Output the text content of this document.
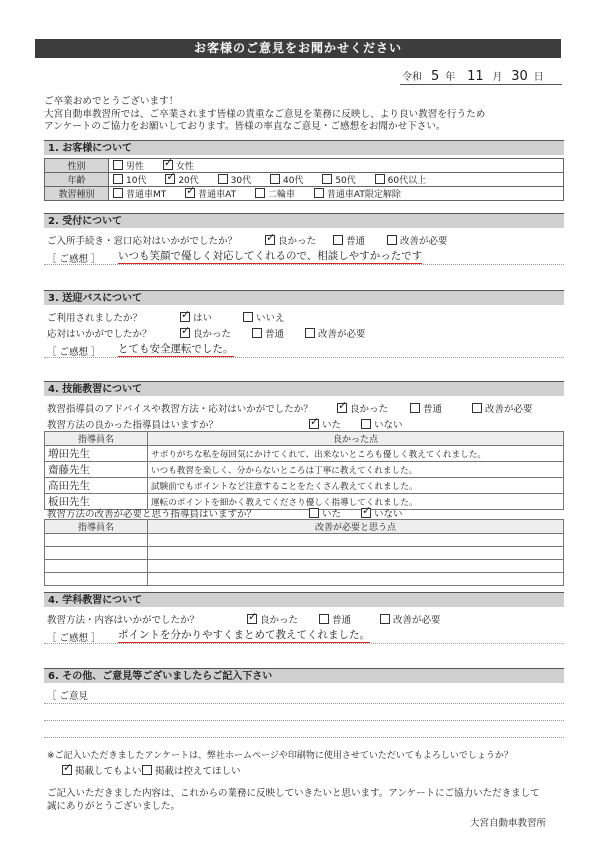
お客様のご意見をお聞かせください
令和 5 年 11 月 30 日
ご卒業おめでとうございます！
大宮自動車教習所では、ご卒業されます皆様の貴重なご意見を業務に反映し、より良い教習を行うため
アンケートのご協力をお願いしております。皆様の率直なご意見・ご感想をお聞かせ下さい。
1. お客様について
性別	男性 ✓ 女性
年齢	10代 ✓ 20代 30代 40代 50代 60代以上
教習種別	普通車MT ✓ 普通車AT 二輪車 普通車AT限定解除
2. 受付について
ご入所手続き・窓口応対はいかがでしたか？ ✓	良かった	普通	改善が必要
［ ご感想 ］ いつも笑顔で優しく対応してくれるので、相談しやすかったです
3. 送迎バスについて
ご利用されましたか？ ✓	はい	いいえ
応対はいかがでしたか？ ✓	良かった	普通	改善が必要
［ ご感想 ］ とても安全運転でした。
4. 技能教習について
教習指導員のアドバイスや教習方法・応対はいかがでしたか？ ✓	良かった	普通	改善が必要
教習方法の良かった指導員はいますか？ ✓	いた	いない
指導員名	良かった点
増田先生	サボりがちな私を毎回気にかけてくれて、出来ないところも優しく教えてくれました。
齋藤先生	いつも教習を楽しく、分からないところは丁寧に教えてくれました。
高田先生	試験前でもポイントなど注意することをたくさん教えてくれました。
板田先生	運転のポイントを細かく教えてくださり優しく指導してくれました。
教習方法の改善が必要と思う指導員はいますか？	いた ✓	いない
指導員名	改善が必要と思う点

4. 学科教習について
教習方法・内容はいかがでしたか？ ✓	良かった	普通	改善が必要
［ ご感想 ］ ポイントを分かりやすくまとめて教えてくれました。
6. その他、ご意見等ございましたらご記入下さい
［ ご意見
※ご記入いただきましたアンケートは、弊社ホームページや印刷物に使用させていただいてもよろしいでしょうか？
✓掲載してもよい	掲載は控えてほしい
ご記入いただきました内容は、これからの業務に反映していきたいと思います。アンケートにご協力いただきまして
誠にありがとうございました。
大宮自動車教習所
